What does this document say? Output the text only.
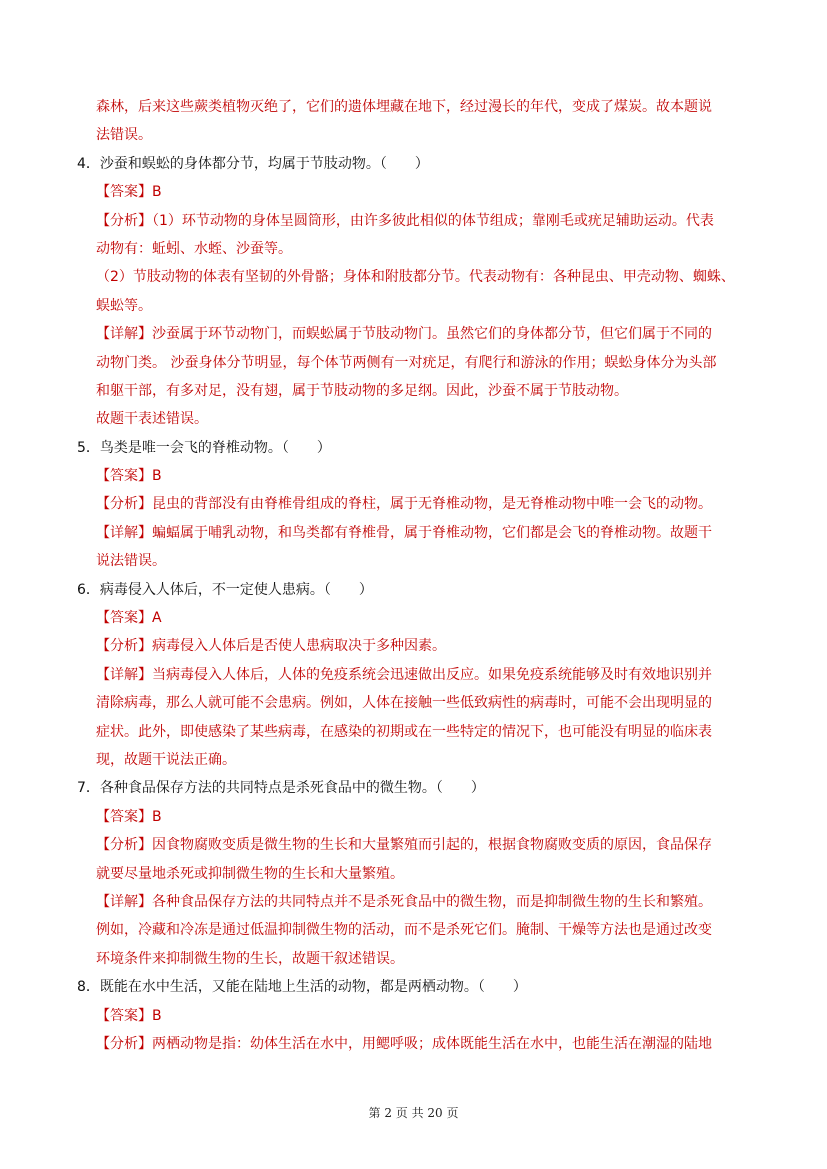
森林，后来这些蕨类植物灭绝了，它们的遗体埋藏在地下，经过漫长的年代，变成了煤炭。故本题说
法错误。
4．沙蚕和蜈蚣的身体都分节，均属于节肢动物。（　　）
【答案】B
【分析】（1）环节动物的身体呈圆筒形，由许多彼此相似的体节组成；靠刚毛或疣足辅助运动。代表
动物有：蚯蚓、水蛭、沙蚕等。
（2）节肢动物的体表有坚韧的外骨骼；身体和附肢都分节。代表动物有：各种昆虫、甲壳动物、蜘蛛、
蜈蚣等。
【详解】沙蚕属于环节动物门，而蜈蚣属于节肢动物门。虽然它们的身体都分节，但它们属于不同的
动物门类。 沙蚕身体分节明显，每个体节两侧有一对疣足，有爬行和游泳的作用；蜈蚣身体分为头部
和躯干部，有多对足，没有翅，属于节肢动物的多足纲。因此，沙蚕不属于节肢动物。
故题干表述错误。
5．鸟类是唯一会飞的脊椎动物。（　　）
【答案】B
【分析】昆虫的背部没有由脊椎骨组成的脊柱，属于无脊椎动物，是无脊椎动物中唯一会飞的动物。
【详解】蝙蝠属于哺乳动物，和鸟类都有脊椎骨，属于脊椎动物，它们都是会飞的脊椎动物。故题干
说法错误。
6．病毒侵入人体后，不一定使人患病。（　　）
【答案】A
【分析】病毒侵入人体后是否使人患病取决于多种因素。
【详解】当病毒侵入人体后，人体的免疫系统会迅速做出反应。如果免疫系统能够及时有效地识别并
清除病毒，那么人就可能不会患病。例如，人体在接触一些低致病性的病毒时，可能不会出现明显的
症状。此外，即使感染了某些病毒，在感染的初期或在一些特定的情况下，也可能没有明显的临床表
现，故题干说法正确。
7．各种食品保存方法的共同特点是杀死食品中的微生物。（　　）
【答案】B
【分析】因食物腐败变质是微生物的生长和大量繁殖而引起的，根据食物腐败变质的原因，食品保存
就要尽量地杀死或抑制微生物的生长和大量繁殖。
【详解】各种食品保存方法的共同特点并不是杀死食品中的微生物，而是抑制微生物的生长和繁殖。
例如，冷藏和冷冻是通过低温抑制微生物的活动，而不是杀死它们。腌制、干燥等方法也是通过改变
环境条件来抑制微生物的生长，故题干叙述错误。
8．既能在水中生活，又能在陆地上生活的动物，都是两栖动物。（　　）
【答案】B
【分析】两栖动物是指：幼体生活在水中，用鳃呼吸；成体既能生活在水中，也能生活在潮湿的陆地
第 2 页 共 20 页
